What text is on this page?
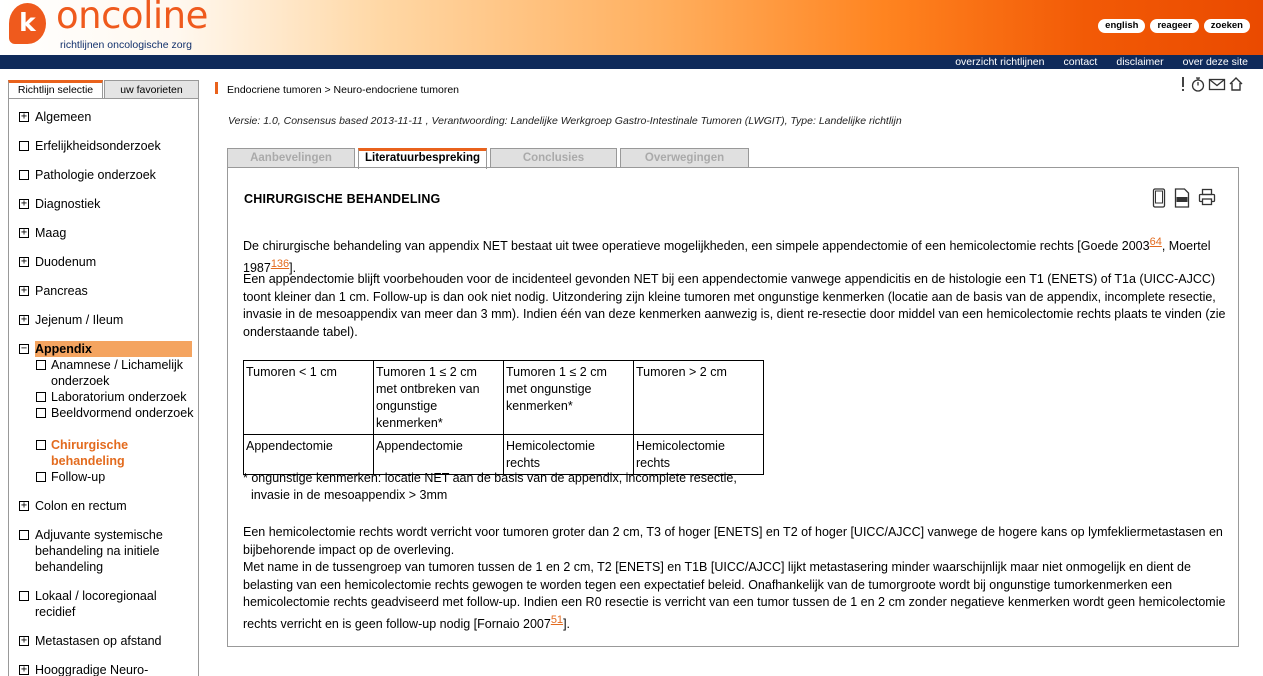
k oncoline
richtlijnen oncologische zorg
english	reageer	zoeken
overzicht richtlijnen contact disclaimer over deze site
Richtlijn selectie	uw favorieten
+ Algemeen
Erfelijkheidsonderzoek
Pathologie onderzoek
+ Diagnostiek
+ Maag
+ Duodenum
+ Pancreas
+ Jejenum / Ileum
− Appendix
Anamnese / Lichamelijk onderzoek
Laboratorium onderzoek
Beeldvormend onderzoek
Chirurgische behandeling
Follow-up
+ Colon en rectum
Adjuvante systemische behandeling na initiele behandeling
Lokaal / locoregionaal recidief
+ Metastasen op afstand
+ Hooggradige Neuro-
Endocriene tumoren > Neuro-endocriene tumoren
Versie: 1.0, Consensus based 2013-11-11 , Verantwoording: Landelijke Werkgroep Gastro-Intestinale Tumoren (LWGIT), Type: Landelijke richtlijn
Aanbevelingen	Literatuurbespreking	Conclusies	Overwegingen
CHIRURGISCHE BEHANDELING
De chirurgische behandeling van appendix NET bestaat uit twee operatieve mogelijkheden, een simpele appendectomie of een hemicolectomie rechts [Goede 200364, Moertel 1987136].
Een appendectomie blijft voorbehouden voor de incidenteel gevonden NET bij een appendectomie vanwege appendicitis en de histologie een T1 (ENETS) of T1a (UICC-AJCC) toont kleiner dan 1 cm. Follow-up is dan ook niet nodig. Uitzondering zijn kleine tumoren met ongunstige kenmerken (locatie aan de basis van de appendix, incomplete resectie, invasie in de mesoappendix van meer dan 3 mm). Indien één van deze kenmerken aanwezig is, dient re-resectie door middel van een hemicolectomie rechts plaats te vinden (zie onderstaande tabel).
Tumoren < 1 cm	Tumoren 1 ≤ 2 cm met ontbreken van ongunstige kenmerken*	Tumoren 1 ≤ 2 cm met ongunstige kenmerken*	Tumoren > 2 cm
Appendectomie	Appendectomie	Hemicolectomie rechts	Hemicolectomie rechts
* ongunstige kenmerken: locatie NET aan de basis van de appendix, incomplete resectie,
invasie in de mesoappendix > 3mm
Een hemicolectomie rechts wordt verricht voor tumoren groter dan 2 cm, T3 of hoger [ENETS] en T2 of hoger [UICC/AJCC] vanwege de hogere kans op lymfekliermetastasen en bijbehorende impact op de overleving.
Met name in de tussengroep van tumoren tussen de 1 en 2 cm, T2 [ENETS] en T1B [UICC/AJCC] lijkt metastasering minder waarschijnlijk maar niet onmogelijk en dient de belasting van een hemicolectomie rechts gewogen te worden tegen een expectatief beleid. Onafhankelijk van de tumorgroote wordt bij ongunstige tumorkenmerken een hemicolectomie rechts geadviseerd met follow-up. Indien een R0 resectie is verricht van een tumor tussen de 1 en 2 cm zonder negatieve kenmerken wordt geen hemicolectomie rechts verricht en is geen follow-up nodig [Fornaio 200751].
